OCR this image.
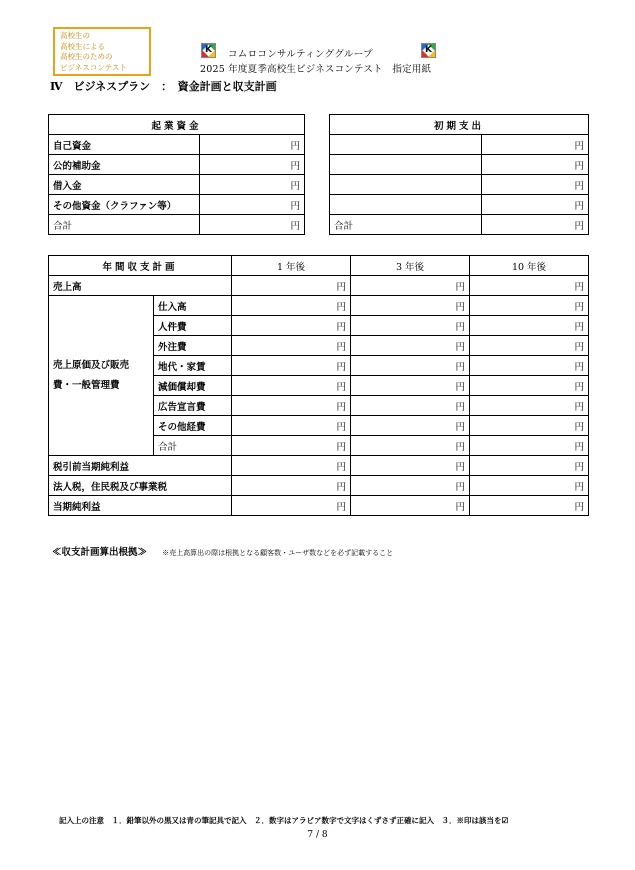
高校生の
高校生による
高校生のための
ビジネスコンテスト
K	K
コムロコンサルティンググループ
2025 年度夏季高校生ビジネスコンテスト　指定用紙
Ⅳ　ビジネスプラン　：　資金計画と収支計画
起業資金	
自己資金	円
公的補助金	円
借入金	円
その他資金（クラファン等）	円
合計	円
初期支出	
	円
	円
	円
	円
合計	円
年間収支計画		1 年後	3 年後	10 年後
売上高		円	円	円
売上原価及び販売
費・一般管理費	仕入高	円	円	円
	人件費	円	円	円
	外注費	円	円	円
	地代・家賃	円	円	円
	減価償却費	円	円	円
	広告宣言費	円	円	円
	その他経費	円	円	円
	合計	円	円	円
税引前当期純利益		円	円	円
法人税，住民税及び事業税		円	円	円
当期純利益		円	円	円
≪収支計画算出根拠≫ ※売上高算出の際は根拠となる顧客数・ユーザ数などを必ず記載すること
記入上の注意　１．鉛筆以外の黒又は青の筆記具で記入　２．数字はアラビア数字で文字はくずさず正確に記入　３．※印は該当を☑
7 / 8
